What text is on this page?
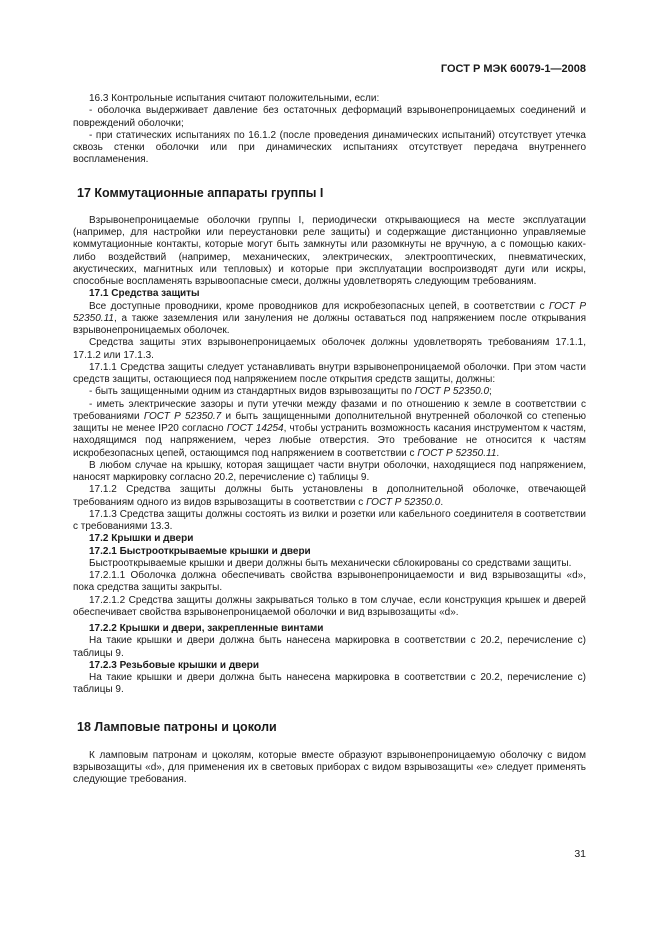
ГОСТ Р МЭК 60079-1—2008

16.3 Контрольные испытания считают положительными, если:

- оболочка выдерживает давление без остаточных деформаций взрывонепроницаемых соединений и повреждений оболочки;

- при статических испытаниях по 16.1.2 (после проведения динамических испытаний) отсутствует утечка сквозь стенки оболочки или при динамических испытаниях отсутствует передача внутреннего воспламенения.

17 Коммутационные аппараты группы I

Взрывонепроницаемые оболочки группы I, периодически открывающиеся на месте эксплуатации (например, для настройки или переустановки реле защиты) и содержащие дистанционно управляемые коммутационные контакты, которые могут быть замкнуты или разомкнуты не вручную, а с помощью каких-либо воздействий (например, механических, электрических, электрооптических, пневматических, акустических, магнитных или тепловых) и которые при эксплуатации воспроизводят дуги или искры, способные воспламенять взрывоопасные смеси, должны удовлетворять следующим требованиям.

17.1 Средства защиты

Все доступные проводники, кроме проводников для искробезопасных цепей, в соответствии с ГОСТ Р 52350.11, а также заземления или зануления не должны оставаться под напряжением после открывания взрывонепроницаемых оболочек.

Средства защиты этих взрывонепроницаемых оболочек должны удовлетворять требованиям 17.1.1, 17.1.2 или 17.1.3.

17.1.1 Средства защиты следует устанавливать внутри взрывонепроницаемой оболочки. При этом части средств защиты, остающиеся под напряжением после открытия средств защиты, должны:

- быть защищенными одним из стандартных видов взрывозащиты по ГОСТ Р 52350.0;

- иметь электрические зазоры и пути утечки между фазами и по отношению к земле в соответствии с требованиями ГОСТ Р 52350.7 и быть защищенными дополнительной внутренней оболочкой со степенью защиты не менее IP20 согласно ГОСТ 14254, чтобы устранить возможность касания инструментом к частям, находящимся под напряжением, через любые отверстия. Это требование не относится к частям искробезопасных цепей, остающимся под напряжением в соответствии с ГОСТ Р 52350.11.

В любом случае на крышку, которая защищает части внутри оболочки, находящиеся под напряжением, наносят маркировку согласно 20.2, перечисление с) таблицы 9.

17.1.2 Средства защиты должны быть установлены в дополнительной оболочке, отвечающей требованиям одного из видов взрывозащиты в соответствии с ГОСТ Р 52350.0.

17.1.3 Средства защиты должны состоять из вилки и розетки или кабельного соединителя в соответствии с требованиями 13.3.

17.2 Крышки и двери

17.2.1 Быстрооткрываемые крышки и двери

Быстрооткрываемые крышки и двери должны быть механически сблокированы со средствами защиты.

17.2.1.1 Оболочка должна обеспечивать свойства взрывонепроницаемости и вид взрывозащиты «d», пока средства защиты закрыты.

17.2.1.2 Средства защиты должны закрываться только в том случае, если конструкция крышек и дверей обеспечивает свойства взрывонепроницаемой оболочки и вид взрывозащиты «d».

17.2.2 Крышки и двери, закрепленные винтами

На такие крышки и двери должна быть нанесена маркировка в соответствии с 20.2, перечисление с) таблицы 9.

17.2.3 Резьбовые крышки и двери

На такие крышки и двери должна быть нанесена маркировка в соответствии с 20.2, перечисление с) таблицы 9.

18 Ламповые патроны и цоколи

К ламповым патронам и цоколям, которые вместе образуют взрывонепроницаемую оболочку с видом взрывозащиты «d», для применения их в световых приборах с видом взрывозащиты «е» следует применять следующие требования.

31
